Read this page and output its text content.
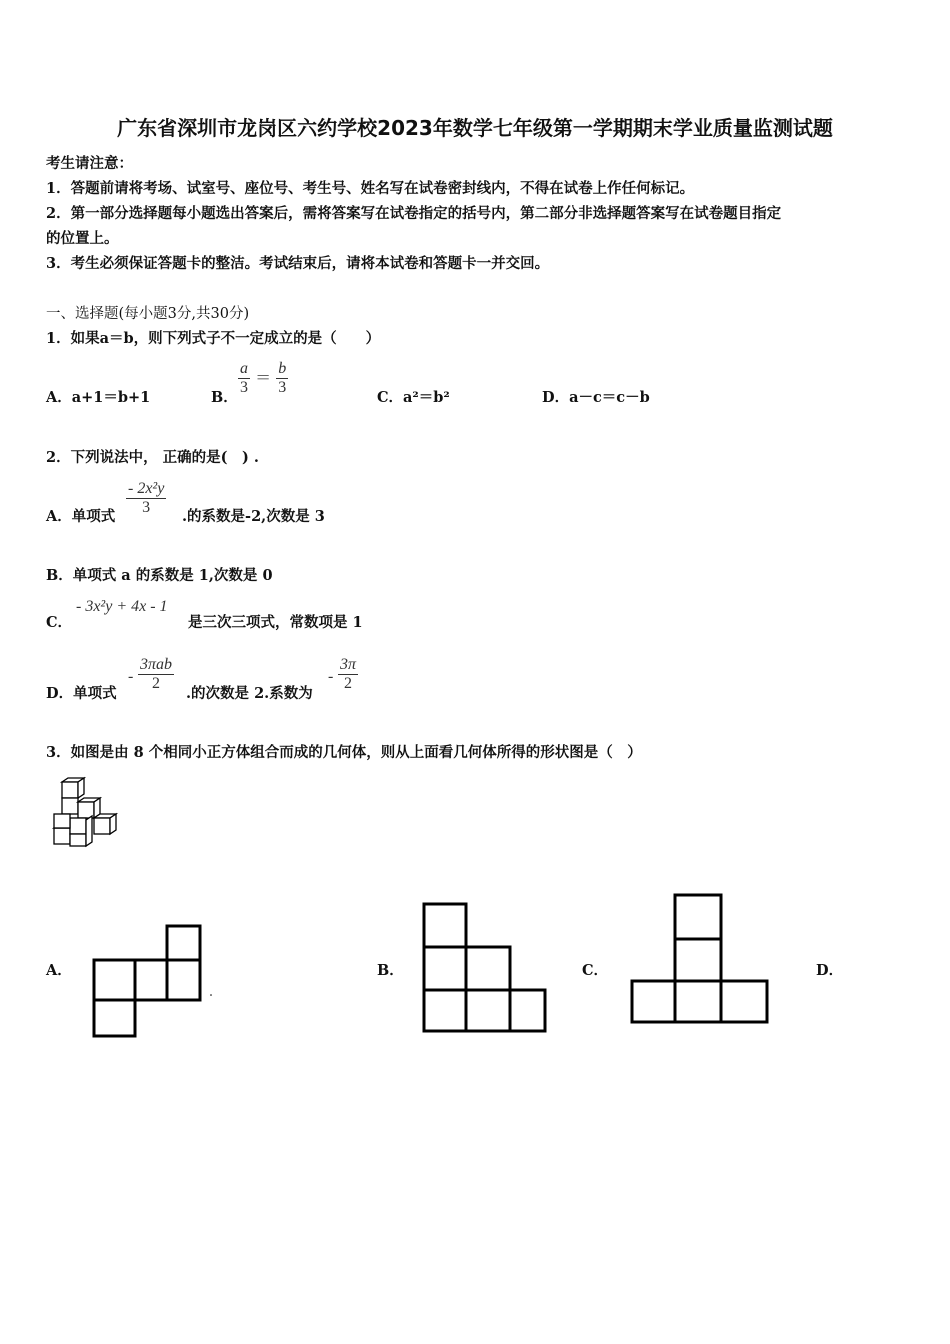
广东省深圳市龙岗区六约学校2023年数学七年级第一学期期末学业质量监测试题
考生请注意：
1．答题前请将考场、试室号、座位号、考生号、姓名写在试卷密封线内，不得在试卷上作任何标记。
2．第一部分选择题每小题选出答案后，需将答案写在试卷指定的括号内，第二部分非选择题答案写在试卷题目指定
的位置上。
3．考生必须保证答题卡的整洁。考试结束后，请将本试卷和答题卡一并交回。
一、选择题(每小题3分,共30分)
1．如果a＝b，则下列式子不一定成立的是（　　）
A．a+1＝b+1	B．
$\frac{a}{3} = \frac{b}{3}$
C．a²＝b²	D．a－c＝c－b
2．下列说法中， 正确的是(　) .
A．单项式 $\frac{\text{- 2x²y}}{3}$ .的系数是-2,次数是 3
B．单项式 a 的系数是 1,次数是 0
C．
- 3x²y + 4x - 1
是三次三项式，常数项是 1
D．单项式
- $\frac{\text{3πab}}{2}$
.的次数是 2.系数为
- $\frac{3\pi}{2}$
3．如图是由 8 个相同小正方体组合而成的几何体，则从上面看几何体所得的形状图是（　）
A．	B．	C．	D．
